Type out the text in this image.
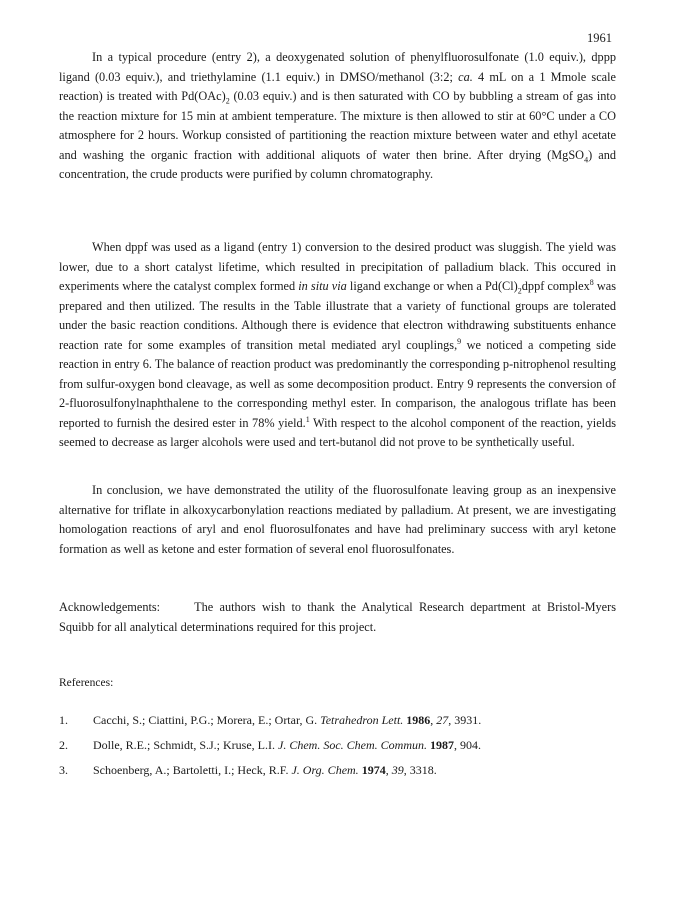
1961

In a typical procedure (entry 2), a deoxygenated solution of phenylfluorosulfonate (1.0 equiv.), dppp ligand (0.03 equiv.), and triethylamine (1.1 equiv.) in DMSO/methanol (3:2; ca. 4 mL on a 1 Mmole scale reaction) is treated with $Pd(OAc)_2$ (0.03 equiv.) and is then saturated with CO by bubbling a stream of gas into the reaction mixture for 15 min at ambient temperature. The mixture is then allowed to stir at 60°C under a CO atmosphere for 2 hours. Workup consisted of partitioning the reaction mixture between water and ethyl acetate and washing the organic fraction with additional aliquots of water then brine. After drying (MgSO$_4$) and concentration, the crude products were purified by column chromatography.

When dppf was used as a ligand (entry 1) conversion to the desired product was sluggish. The yield was lower, due to a short catalyst lifetime, which resulted in precipitation of palladium black. This occured in experiments where the catalyst complex formed in situ via ligand exchange or when a $Pd(Cl)_2dppf$ complex$^8$ was prepared and then utilized. The results in the Table illustrate that a variety of functional groups are tolerated under the basic reaction conditions. Although there is evidence that electron withdrawing substituents enhance reaction rate for some examples of transition metal mediated aryl couplings,$^9$ we noticed a competing side reaction in entry 6. The balance of reaction product was predominantly the corresponding p-nitrophenol resulting from sulfur-oxygen bond cleavage, as well as some decomposition product. Entry 9 represents the conversion of 2-fluorosulfonylnaphthalene to the corresponding methyl ester. In comparison, the analogous triflate has been reported to furnish the desired ester in 78% yield.$^1$ With respect to the alcohol component of the reaction, yields seemed to decrease as larger alcohols were used and tert-butanol did not prove to be synthetically useful.

In conclusion, we have demonstrated the utility of the fluorosulfonate leaving group as an inexpensive alternative for triflate in alkoxycarbonylation reactions mediated by palladium. At present, we are investigating homologation reactions of aryl and enol fluorosulfonates and have had preliminary success with aryl ketone formation as well as ketone and ester formation of several enol fluorosulfonates.

Acknowledgements:	The authors wish to thank the Analytical Research department at Bristol-Myers Squibb for all analytical determinations required for this project.

References:
1. Cacchi, S.; Ciattini, P.G.; Morera, E.; Ortar, G. Tetrahedron Lett. 1986, 27, 3931.
2. Dolle, R.E.; Schmidt, S.J.; Kruse, L.I. J. Chem. Soc. Chem. Commun. 1987, 904.
3. Schoenberg, A.; Bartoletti, I.; Heck, R.F. J. Org. Chem. 1974, 39, 3318.
